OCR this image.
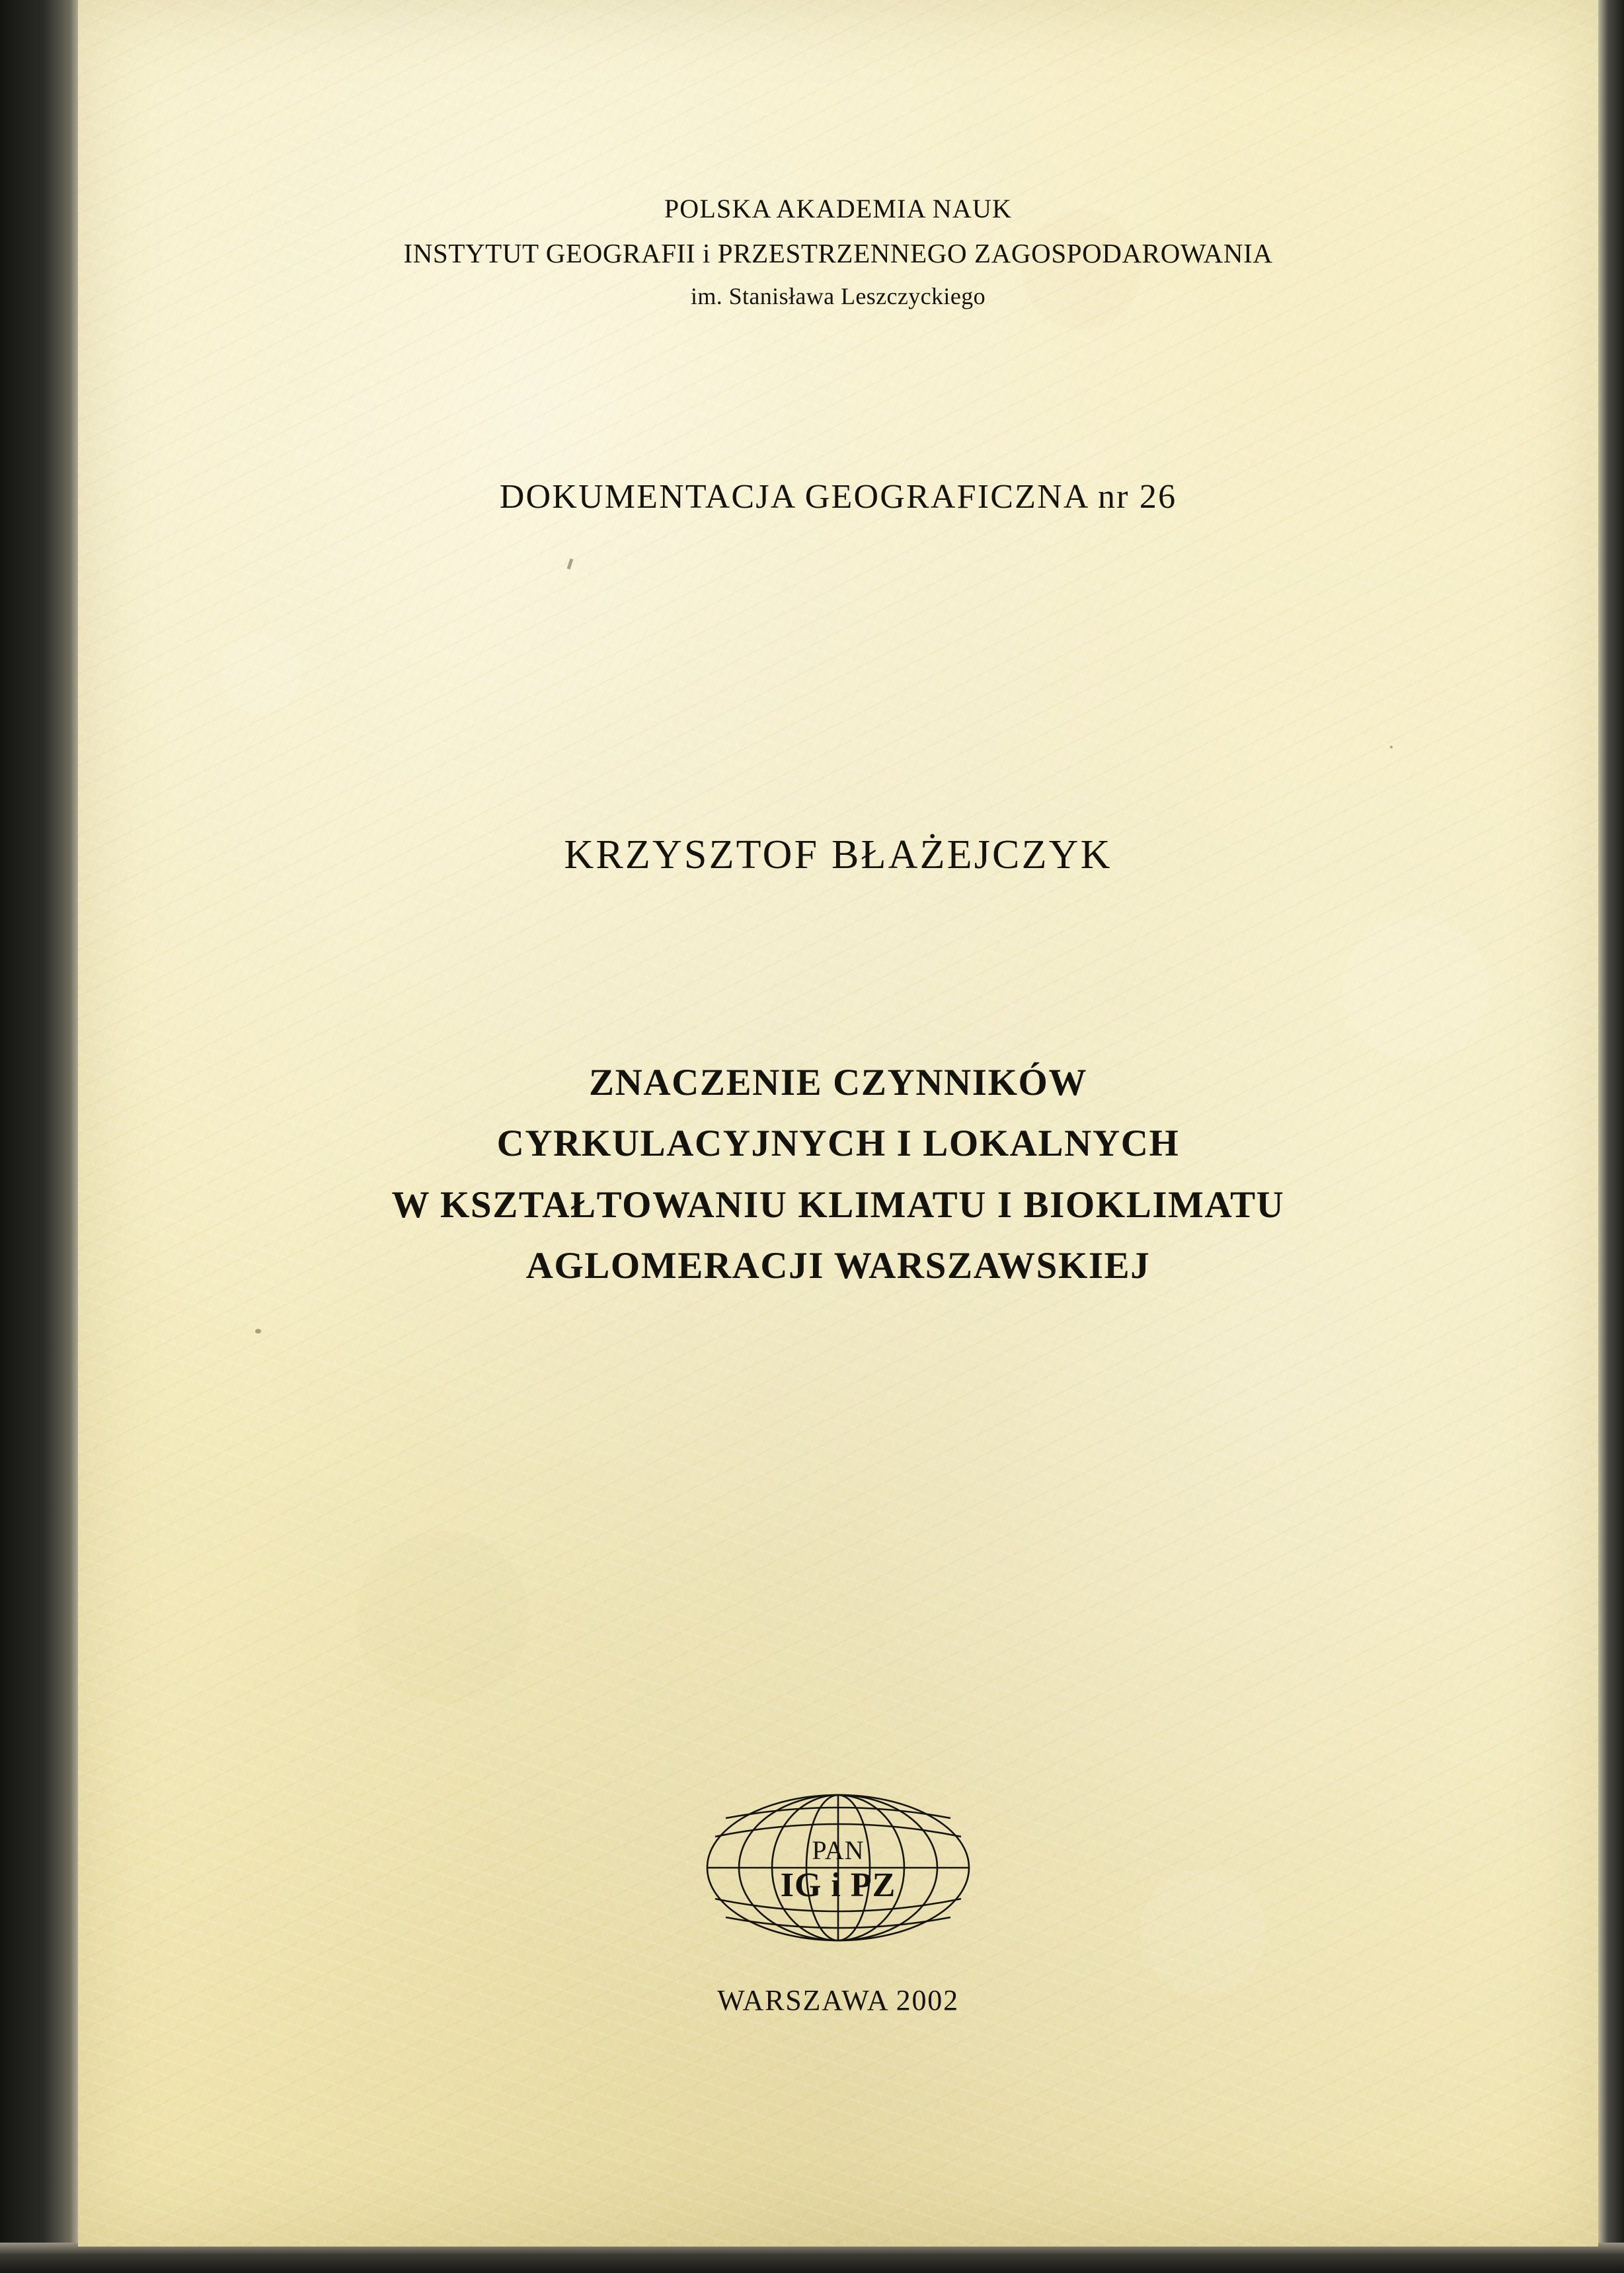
POLSKA AKADEMIA NAUK
INSTYTUT GEOGRAFII i PRZESTRZENNEGO ZAGOSPODAROWANIA
im. Stanisława Leszczyckiego
DOKUMENTACJA GEOGRAFICZNA nr 26
KRZYSZTOF BŁAŻEJCZYK
ZNACZENIE CZYNNIKÓW
CYRKULACYJNYCH I LOKALNYCH
W KSZTAŁTOWANIU KLIMATU I BIOKLIMATU
AGLOMERACJI WARSZAWSKIEJ
PAN
IG i PZ
WARSZAWA 2002
